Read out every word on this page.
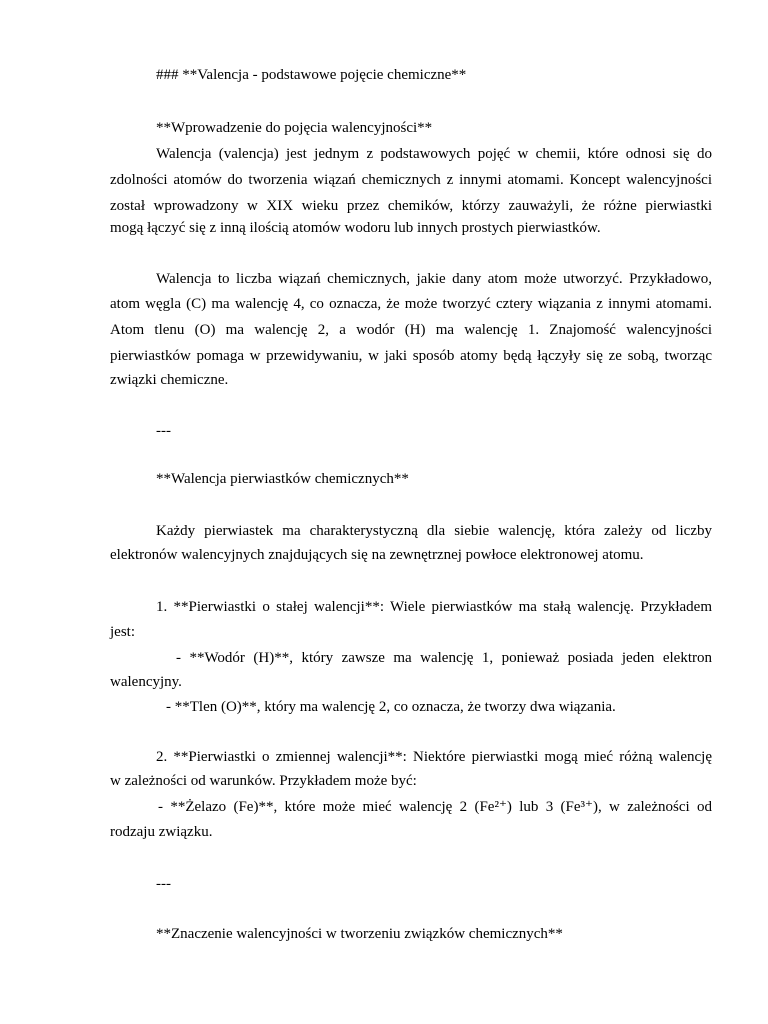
### **Valencja - podstawowe pojęcie chemiczne**
**Wprowadzenie do pojęcia walencyjności**
Walencja (valencja) jest jednym z podstawowych pojęć w chemii, które odnosi się do
zdolności atomów do tworzenia wiązań chemicznych z innymi atomami. Koncept walencyjności
został wprowadzony w XIX wieku przez chemików, którzy zauważyli, że różne pierwiastki
mogą łączyć się z inną ilością atomów wodoru lub innych prostych pierwiastków.
Walencja to liczba wiązań chemicznych, jakie dany atom może utworzyć. Przykładowo,
atom węgla (C) ma walencję 4, co oznacza, że może tworzyć cztery wiązania z innymi atomami.
Atom tlenu (O) ma walencję 2, a wodór (H) ma walencję 1. Znajomość walencyjności
pierwiastków pomaga w przewidywaniu, w jaki sposób atomy będą łączyły się ze sobą, tworząc
związki chemiczne.
---
**Walencja pierwiastków chemicznych**
Każdy pierwiastek ma charakterystyczną dla siebie walencję, która zależy od liczby
elektronów walencyjnych znajdujących się na zewnętrznej powłoce elektronowej atomu.
1. **Pierwiastki o stałej walencji**: Wiele pierwiastków ma stałą walencję. Przykładem
jest:
- **Wodór (H)**, który zawsze ma walencję 1, ponieważ posiada jeden elektron
walencyjny.
- **Tlen (O)**, który ma walencję 2, co oznacza, że tworzy dwa wiązania.
2. **Pierwiastki o zmiennej walencji**: Niektóre pierwiastki mogą mieć różną walencję
w zależności od warunków. Przykładem może być:
- **Żelazo (Fe)**, które może mieć walencję 2 (Fe²⁺) lub 3 (Fe³⁺), w zależności od
rodzaju związku.
---
**Znaczenie walencyjności w tworzeniu związków chemicznych**
